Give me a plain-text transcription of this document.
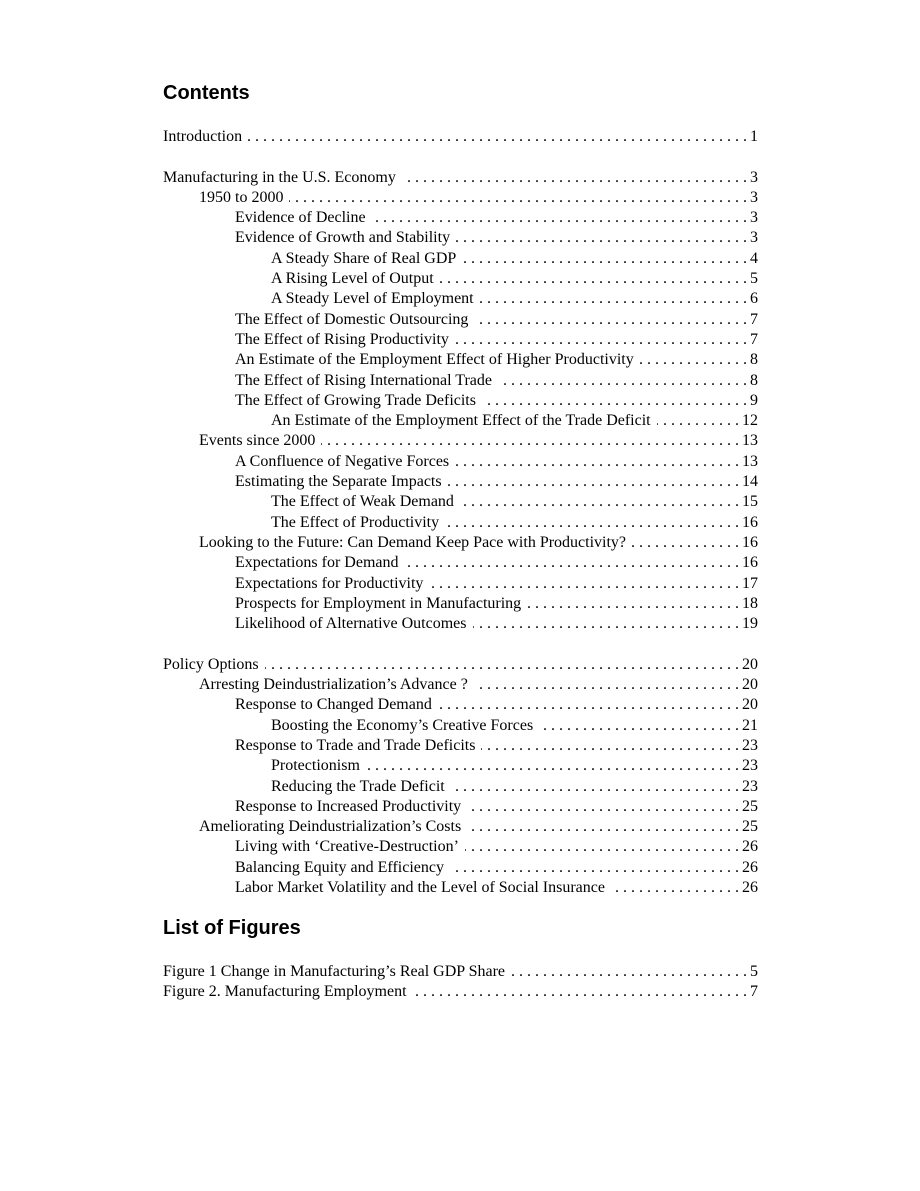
Contents
Introduction . . .	1
Manufacturing in the U.S. Economy . . .	3
1950 to 2000 . . .	3
Evidence of Decline . . .	3
Evidence of Growth and Stability . . .	3
A Steady Share of Real GDP . . .	4
A Rising Level of Output . . .	5
A Steady Level of Employment . . .	6
The Effect of Domestic Outsourcing . . .	7
The Effect of Rising Productivity . . .	7
An Estimate of the Employment Effect of Higher Productivity . . .	8
The Effect of Rising International Trade . . .	8
The Effect of Growing Trade Deficits . . .	9
An Estimate of the Employment Effect of the Trade Deficit . . .	12
Events since 2000 . . .	13
A Confluence of Negative Forces . . .	13
Estimating the Separate Impacts . . .	14
The Effect of Weak Demand . . .	15
The Effect of Productivity . . .	16
Looking to the Future: Can Demand Keep Pace with Productivity? . . .	16
Expectations for Demand . . .	16
Expectations for Productivity . . .	17
Prospects for Employment in Manufacturing . . .	18
Likelihood of Alternative Outcomes . . .	19
Policy Options . . .	20
Arresting Deindustrialization’s Advance ? . . .	20
Response to Changed Demand . . .	20
Boosting the Economy’s Creative Forces . . .	21
Response to Trade and Trade Deficits . . .	23
Protectionism . . .	23
Reducing the Trade Deficit . . .	23
Response to Increased Productivity . . .	25
Ameliorating Deindustrialization’s Costs . . .	25
Living with ‘Creative-Destruction’ . . .	26
Balancing Equity and Efficiency . . .	26
Labor Market Volatility and the Level of Social Insurance . . .	26
List of Figures
Figure 1 Change in Manufacturing’s Real GDP Share . . .	5
Figure 2. Manufacturing Employment . . .	7
